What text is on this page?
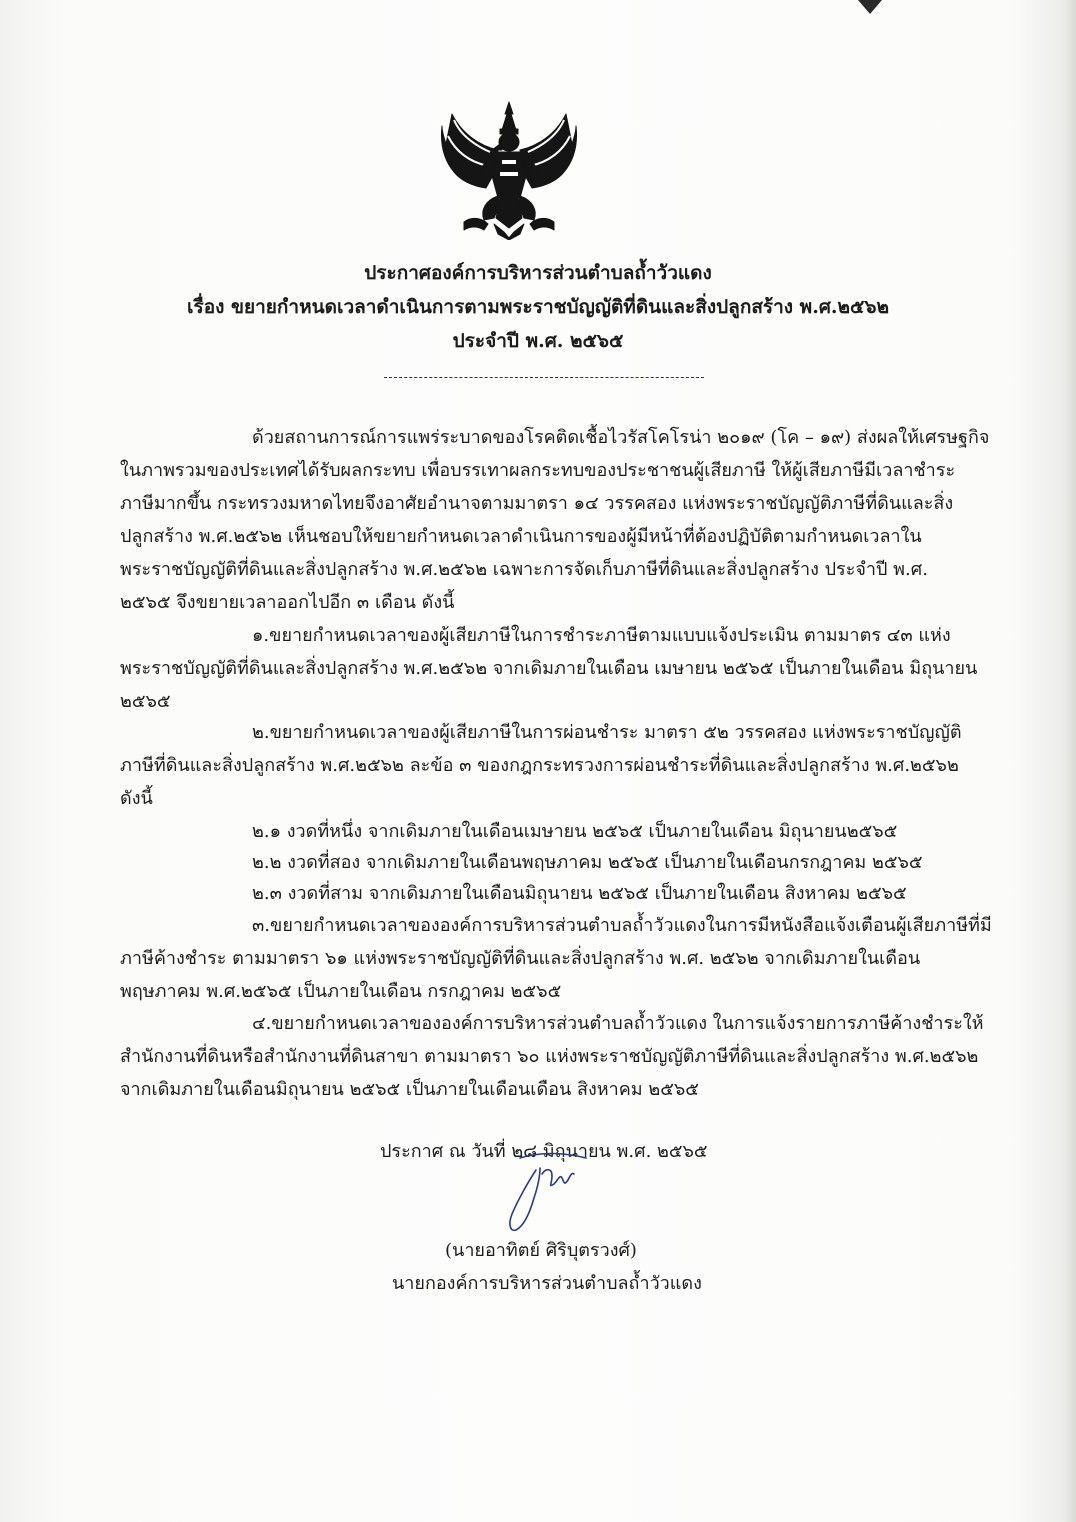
ประกาศองค์การบริหารส่วนตำบลถ้ำวัวแดง
เรื่อง ขยายกำหนดเวลาดำเนินการตามพระราชบัญญัติที่ดินและสิ่งปลูกสร้าง พ.ศ.๒๕๖๒
ประจำปี พ.ศ. ๒๕๖๕
ด้วยสถานการณ์การแพร่ระบาดของโรคติดเชื้อไวรัสโคโรน่า ๒๐๑๙ (โค – ๑๙) ส่งผลให้เศรษฐกิจ
ในภาพรวมของประเทศได้รับผลกระทบ เพื่อบรรเทาผลกระทบของประชาชนผู้เสียภาษี ให้ผู้เสียภาษีมีเวลาชำระ
ภาษีมากขึ้น กระทรวงมหาดไทยจึงอาศัยอำนาจตามมาตรา ๑๔ วรรคสอง แห่งพระราชบัญญัติภาษีที่ดินและสิ่ง
ปลูกสร้าง พ.ศ.๒๕๖๒ เห็นชอบให้ขยายกำหนดเวลาดำเนินการของผู้มีหน้าที่ต้องปฏิบัติตามกำหนดเวลาใน
พระราชบัญญัติที่ดินและสิ่งปลูกสร้าง พ.ศ.๒๕๖๒ เฉพาะการจัดเก็บภาษีที่ดินและสิ่งปลูกสร้าง ประจำปี พ.ศ.
๒๕๖๕ จึงขยายเวลาออกไปอีก ๓ เดือน ดังนี้
๑.ขยายกำหนดเวลาของผู้เสียภาษีในการชำระภาษีตามแบบแจ้งประเมิน ตามมาตร ๔๓ แห่ง
พระราชบัญญัติที่ดินและสิ่งปลูกสร้าง พ.ศ.๒๕๖๒ จากเดิมภายในเดือน เมษายน ๒๕๖๕ เป็นภายในเดือน มิถุนายน
๒๕๖๕
๒.ขยายกำหนดเวลาของผู้เสียภาษีในการผ่อนชำระ มาตรา ๕๒ วรรคสอง แห่งพระราชบัญญัติ
ภาษีที่ดินและสิ่งปลูกสร้าง พ.ศ.๒๕๖๒ ละข้อ ๓ ของกฎกระทรวงการผ่อนชำระที่ดินและสิ่งปลูกสร้าง พ.ศ.๒๕๖๒
ดังนี้
๒.๑ งวดที่หนึ่ง จากเดิมภายในเดือนเมษายน ๒๕๖๕ เป็นภายในเดือน มิถุนายน๒๕๖๕
๒.๒ งวดที่สอง จากเดิมภายในเดือนพฤษภาคม ๒๕๖๕ เป็นภายในเดือนกรกฎาคม ๒๕๖๕
๒.๓ งวดที่สาม จากเดิมภายในเดือนมิถุนายน ๒๕๖๕ เป็นภายในเดือน สิงหาคม ๒๕๖๕
๓.ขยายกำหนดเวลาขององค์การบริหารส่วนตำบลถ้ำวัวแดงในการมีหนังสือแจ้งเตือนผู้เสียภาษีที่มี
ภาษีค้างชำระ ตามมาตรา ๖๑ แห่งพระราชบัญญัติที่ดินและสิ่งปลูกสร้าง พ.ศ. ๒๕๖๒ จากเดิมภายในเดือน
พฤษภาคม พ.ศ.๒๕๖๕ เป็นภายในเดือน กรกฎาคม ๒๕๖๕
๔.ขยายกำหนดเวลาขององค์การบริหารส่วนตำบลถ้ำวัวแดง ในการแจ้งรายการภาษีค้างชำระให้
สำนักงานที่ดินหรือสำนักงานที่ดินสาขา ตามมาตรา ๖๐ แห่งพระราชบัญญัติภาษีที่ดินและสิ่งปลูกสร้าง พ.ศ.๒๕๖๒
จากเดิมภายในเดือนมิถุนายน ๒๕๖๕ เป็นภายในเดือนเดือน สิงหาคม ๒๕๖๕
ประกาศ ณ วันที่ ๒๘ มิถุนายน พ.ศ. ๒๕๖๕
(นายอาทิตย์ ศิริบุตรวงศ์)
นายกองค์การบริหารส่วนตำบลถ้ำวัวแดง
